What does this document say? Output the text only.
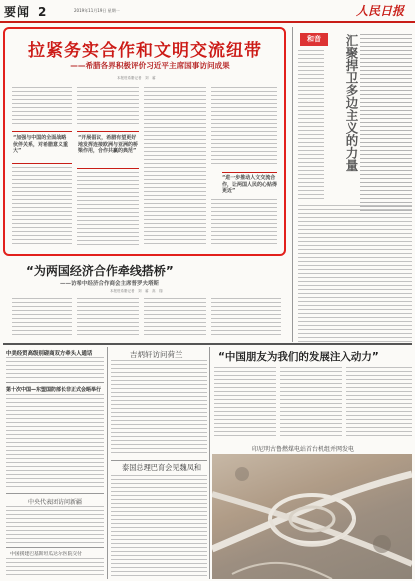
要闻 2	2019年11月19日 星期一	人民日报
拉紧务实合作和文明交流纽带
——希腊各界积极评价习近平主席国事访问成果
本报驻希腊记者　刘　睿
“加强与中国的全面战略伙伴关系，对希腊意义重大”
“开展倡议，希腊有望更好地发挥连接欧洲与亚洲的桥梁作用，合作共赢的典范”
“进一步推动人文交流合作，让两国人民的心贴得更近”
和音	汇聚捍卫多边主义的力量
“为两国经济合作牵线搭桥”
——访希中经济合作商会主席普罗夫塔斯
本报驻希腊记者　刘　睿　高　翔
中美经贸高级别磋商双方牵头人通话
第十次中国—东盟国防部长非正式会晤举行
中央代表团访问新疆
中国援建巴基斯坦瓜达尔医院交付
吉炳轩访问荷兰
泰国总理巴育会见魏凤和
“中国朋友为我们的发展注入动力”
印尼明古鲁燃煤电站首台机组并网发电
